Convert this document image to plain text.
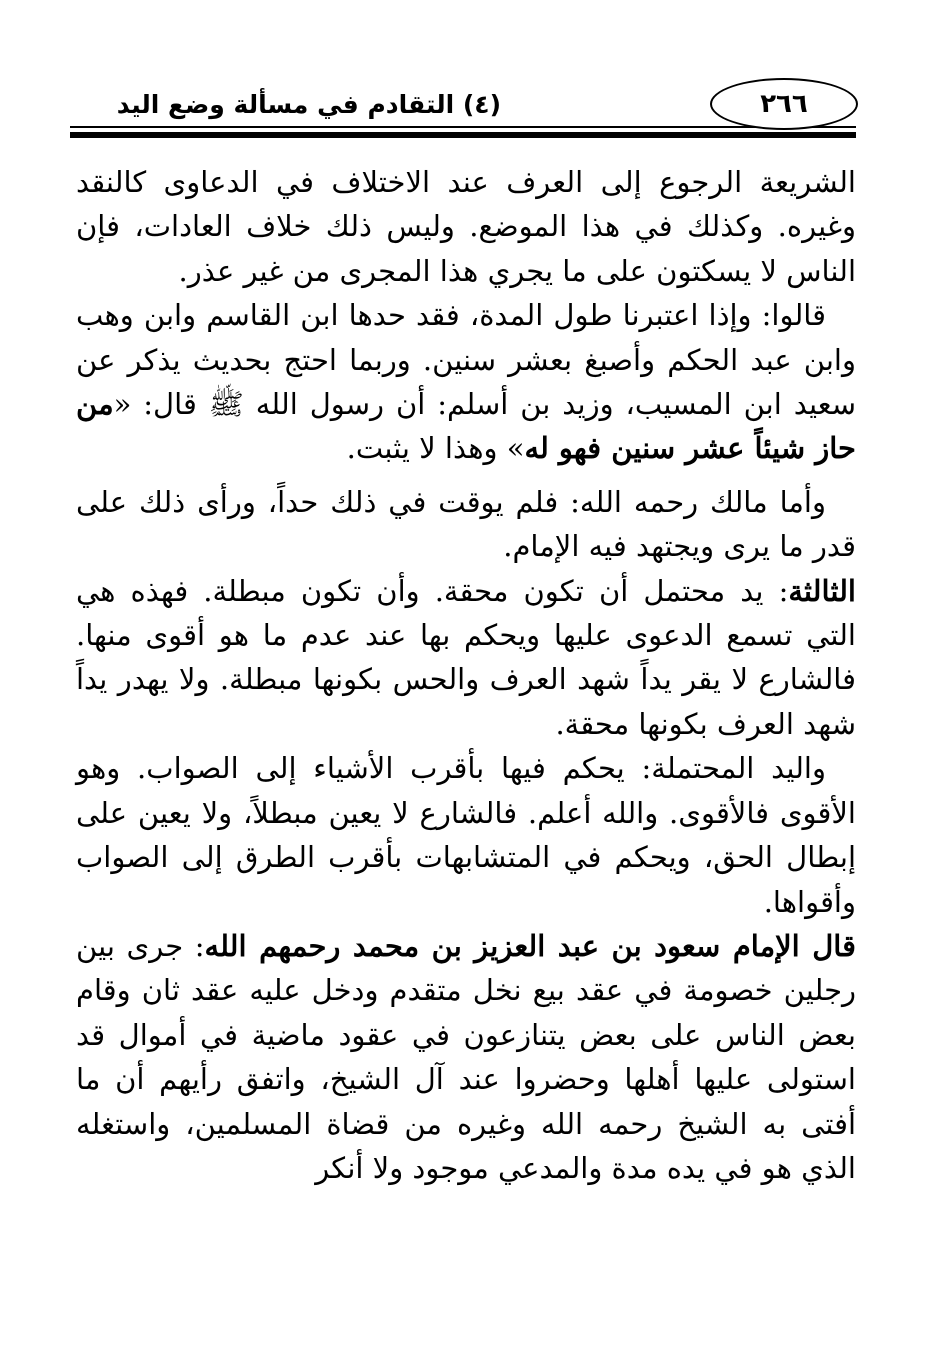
(٤) التقادم في مسألة وضع اليد	٢٦٦

الشريعة الرجوع إلى العرف عند الاختلاف في الدعاوى كالنقد وغيره. وكذلك في هذا الموضع. وليس ذلك خلاف العادات، فإن الناس لا يسكتون على ما يجري هذا المجرى من غير عذر.

قالوا: وإذا اعتبرنا طول المدة، فقد حدها ابن القاسم وابن وهب وابن عبد الحكم وأصبغ بعشر سنين. وربما احتج بحديث يذكر عن سعيد ابن المسيب، وزيد بن أسلم: أن رسول الله ﷺ قال: «من حاز شيئاً عشر سنين فهو له» وهذا لا يثبت.

وأما مالك رحمه الله: فلم يوقت في ذلك حداً، ورأى ذلك على قدر ما يرى ويجتهد فيه الإمام.

الثالثة: يد محتمل أن تكون محقة. وأن تكون مبطلة. فهذه هي التي تسمع الدعوى عليها ويحكم بها عند عدم ما هو أقوى منها. فالشارع لا يقر يداً شهد العرف والحس بكونها مبطلة. ولا يهدر يداً شهد العرف بكونها محقة.

واليد المحتملة: يحكم فيها بأقرب الأشياء إلى الصواب. وهو الأقوى فالأقوى. والله أعلم. فالشارع لا يعين مبطلاً، ولا يعين على إبطال الحق، ويحكم في المتشابهات بأقرب الطرق إلى الصواب وأقواها.

قال الإمام سعود بن عبد العزيز بن محمد رحمهم الله: جرى بين رجلين خصومة في عقد بيع نخل متقدم ودخل عليه عقد ثان وقام بعض الناس على بعض يتنازعون في عقود ماضية في أموال قد استولى عليها أهلها وحضروا عند آل الشيخ، واتفق رأيهم أن ما أفتى به الشيخ رحمه الله وغيره من قضاة المسلمين، واستغله الذي هو في يده مدة والمدعي موجود ولا أنكر
